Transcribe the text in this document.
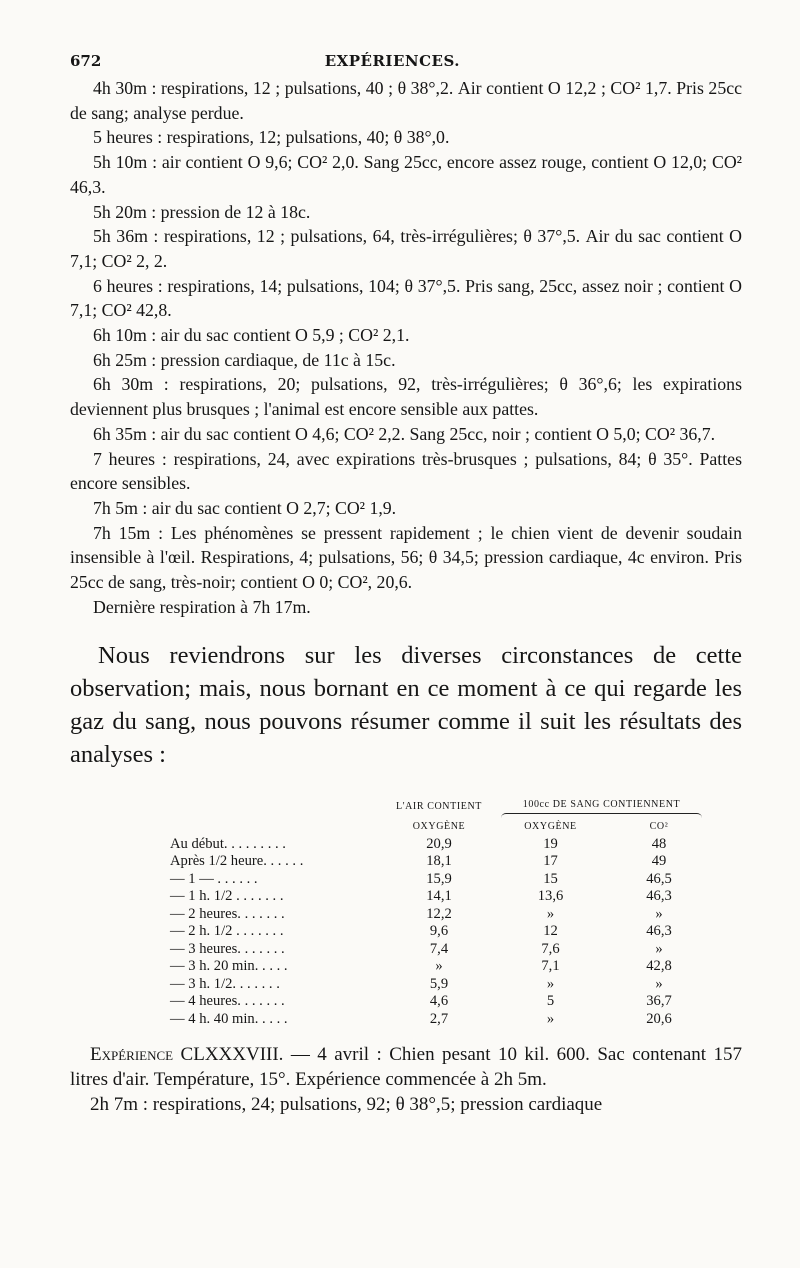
672	EXPÉRIENCES.

4h 30m : respirations, 12 ; pulsations, 40 ; θ 38°,2. Air contient O 12,2 ; CO² 1,7. Pris 25cc de sang; analyse perdue.

5 heures : respirations, 12; pulsations, 40; θ 38°,0.

5h 10m : air contient O 9,6; CO² 2,0. Sang 25cc, encore assez rouge, contient O 12,0; CO² 46,3.

5h 20m : pression de 12 à 18c.

5h 36m : respirations, 12 ; pulsations, 64, très-irrégulières; θ 37°,5. Air du sac contient O 7,1; CO² 2, 2.

6 heures : respirations, 14; pulsations, 104; θ 37°,5. Pris sang, 25cc, assez noir ; contient O 7,1; CO² 42,8.

6h 10m : air du sac contient O 5,9 ; CO² 2,1.

6h 25m : pression cardiaque, de 11c à 15c.

6h 30m : respirations, 20; pulsations, 92, très-irrégulières; θ 36°,6; les expirations deviennent plus brusques ; l'animal est encore sensible aux pattes.

6h 35m : air du sac contient O 4,6; CO² 2,2. Sang 25cc, noir ; contient O 5,0; CO² 36,7.

7 heures : respirations, 24, avec expirations très-brusques ; pulsations, 84; θ 35°. Pattes encore sensibles.

7h 5m : air du sac contient O 2,7; CO² 1,9.

7h 15m : Les phénomènes se pressent rapidement ; le chien vient de devenir soudain insensible à l'œil. Respirations, 4; pulsations, 56; θ 34,5; pression cardiaque, 4c environ. Pris 25cc de sang, très-noir; contient O 0; CO², 20,6.

Dernière respiration à 7h 17m.

Nous reviendrons sur les diverses circonstances de cette observation; mais, nous bornant en ce moment à ce qui regarde les gaz du sang, nous pouvons résumer comme il suit les résultats des analyses :

	L'AIR CONTIENT	100cc DE SANG CONTIENNENT	

	OXYGÈNE	OXYGÈNE	CO²
Au début. . . . . . . . .	20,9	19	48
Après 1/2 heure. . . . . .	18,1	17	49
— 1 — . . . . . .	15,9	15	46,5
— 1 h. 1/2 . . . . . . .	14,1	13,6	46,3
— 2 heures. . . . . . .	12,2	»	»
— 2 h. 1/2 . . . . . . .	9,6	12	46,3
— 3 heures. . . . . . .	7,4	7,6	»
— 3 h. 20 min. . . . .	»	7,1	42,8
— 3 h. 1/2. . . . . . .	5,9	»	»
— 4 heures. . . . . . .	4,6	5	36,7
— 4 h. 40 min. . . . .	2,7	»	20,6

Expérience CLXXXVIII. — 4 avril : Chien pesant 10 kil. 600. Sac contenant 157 litres d'air. Température, 15°. Expérience commencée à 2h 5m.

2h 7m : respirations, 24; pulsations, 92; θ 38°,5; pression cardiaque
